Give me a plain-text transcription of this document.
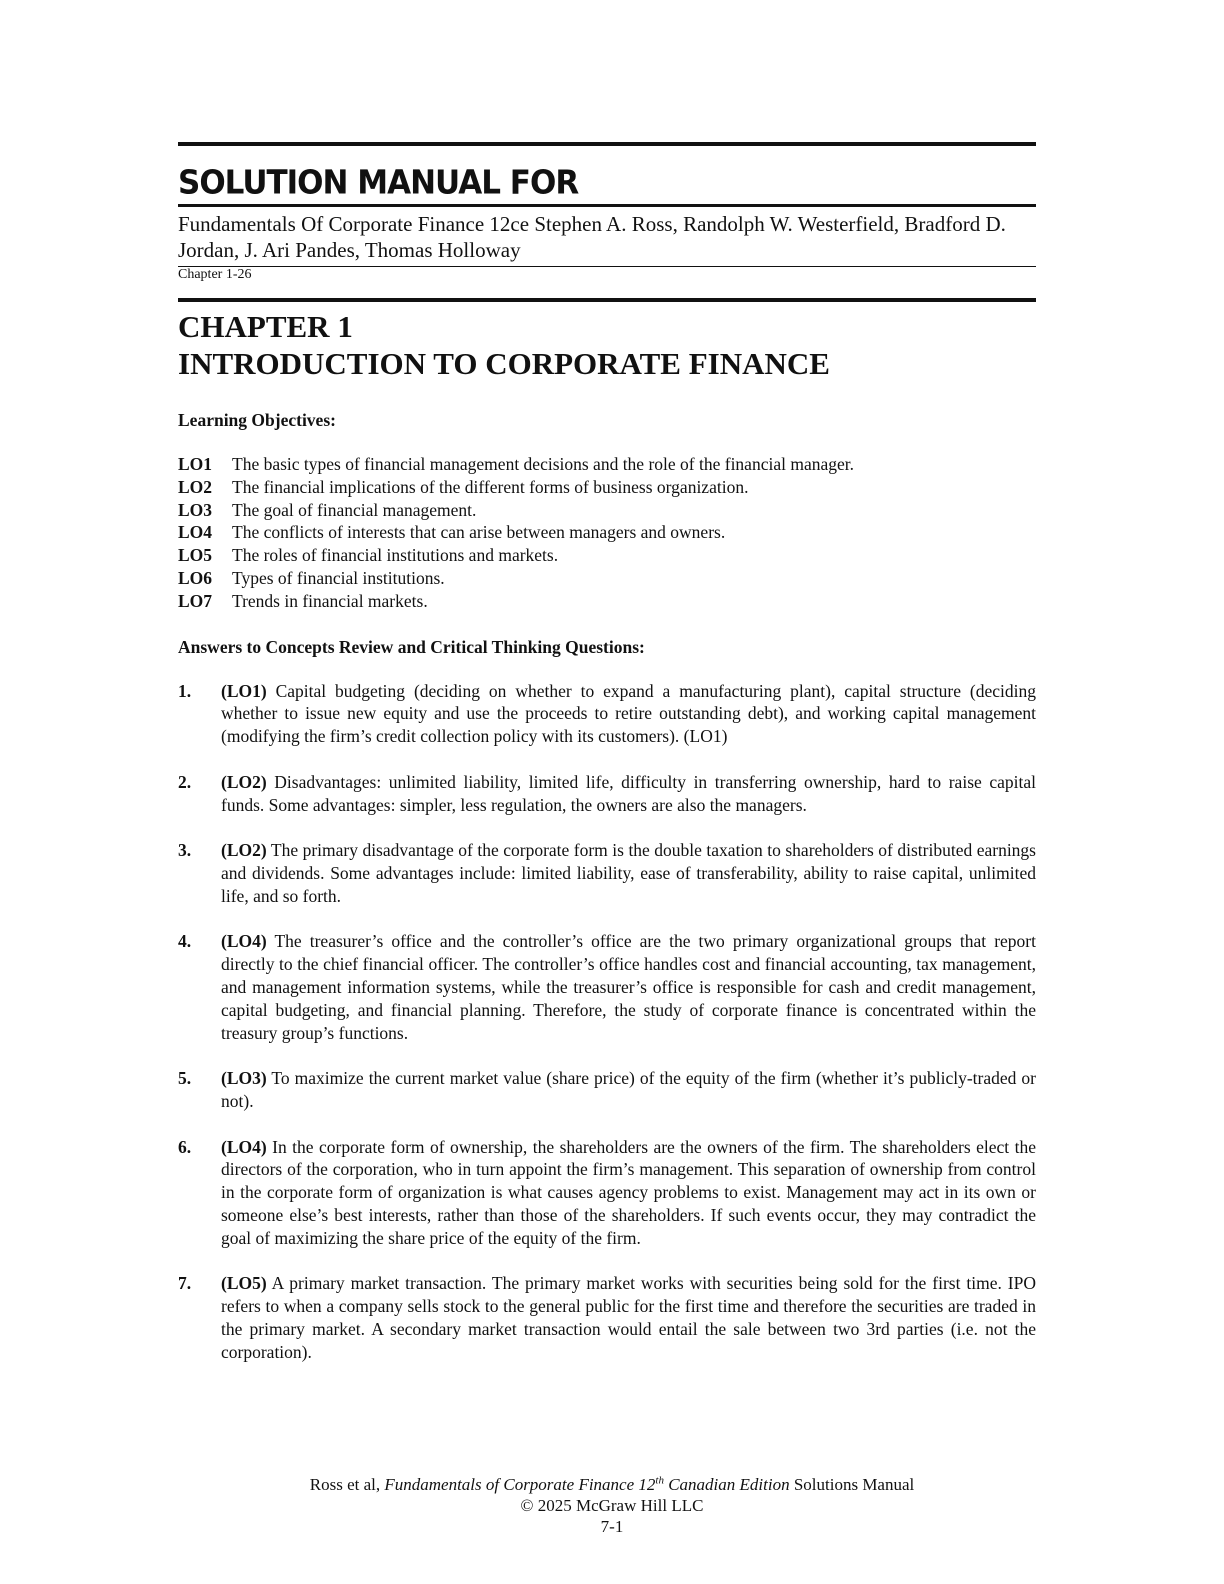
SOLUTION MANUAL FOR
Fundamentals Of Corporate Finance 12ce Stephen A. Ross, Randolph W. Westerfield, Bradford D. Jordan, J. Ari Pandes, Thomas Holloway
Chapter 1-26
CHAPTER 1
INTRODUCTION TO CORPORATE FINANCE
Learning Objectives:
LO1	The basic types of financial management decisions and the role of the financial manager.
LO2	The financial implications of the different forms of business organization.
LO3	The goal of financial management.
LO4	The conflicts of interests that can arise between managers and owners.
LO5	The roles of financial institutions and markets.
LO6	Types of financial institutions.
LO7	Trends in financial markets.
Answers to Concepts Review and Critical Thinking Questions:
1.	(LO1) Capital budgeting (deciding on whether to expand a manufacturing plant), capital structure (deciding whether to issue new equity and use the proceeds to retire outstanding debt), and working capital management (modifying the firm’s credit collection policy with its customers). (LO1)
2.	(LO2) Disadvantages: unlimited liability, limited life, difficulty in transferring ownership, hard to raise capital funds. Some advantages: simpler, less regulation, the owners are also the managers.
3.	(LO2) The primary disadvantage of the corporate form is the double taxation to shareholders of distributed earnings and dividends. Some advantages include: limited liability, ease of transferability, ability to raise capital, unlimited life, and so forth.
4.	(LO4) The treasurer’s office and the controller’s office are the two primary organizational groups that report directly to the chief financial officer. The controller’s office handles cost and financial accounting, tax management, and management information systems, while the treasurer’s office is responsible for cash and credit management, capital budgeting, and financial planning. Therefore, the study of corporate finance is concentrated within the treasury group’s functions.
5.	(LO3) To maximize the current market value (share price) of the equity of the firm (whether it’s publicly-traded or not).
6.	(LO4) In the corporate form of ownership, the shareholders are the owners of the firm. The shareholders elect the directors of the corporation, who in turn appoint the firm’s management. This separation of ownership from control in the corporate form of organization is what causes agency problems to exist. Management may act in its own or someone else’s best interests, rather than those of the shareholders. If such events occur, they may contradict the goal of maximizing the share price of the equity of the firm.
7.	(LO5) A primary market transaction. The primary market works with securities being sold for the first time. IPO refers to when a company sells stock to the general public for the first time and therefore the securities are traded in the primary market. A secondary market transaction would entail the sale between two 3rd parties (i.e. not the corporation).
Ross et al, Fundamentals of Corporate Finance 12th Canadian Edition Solutions Manual
© 2025 McGraw Hill LLC
7-1
